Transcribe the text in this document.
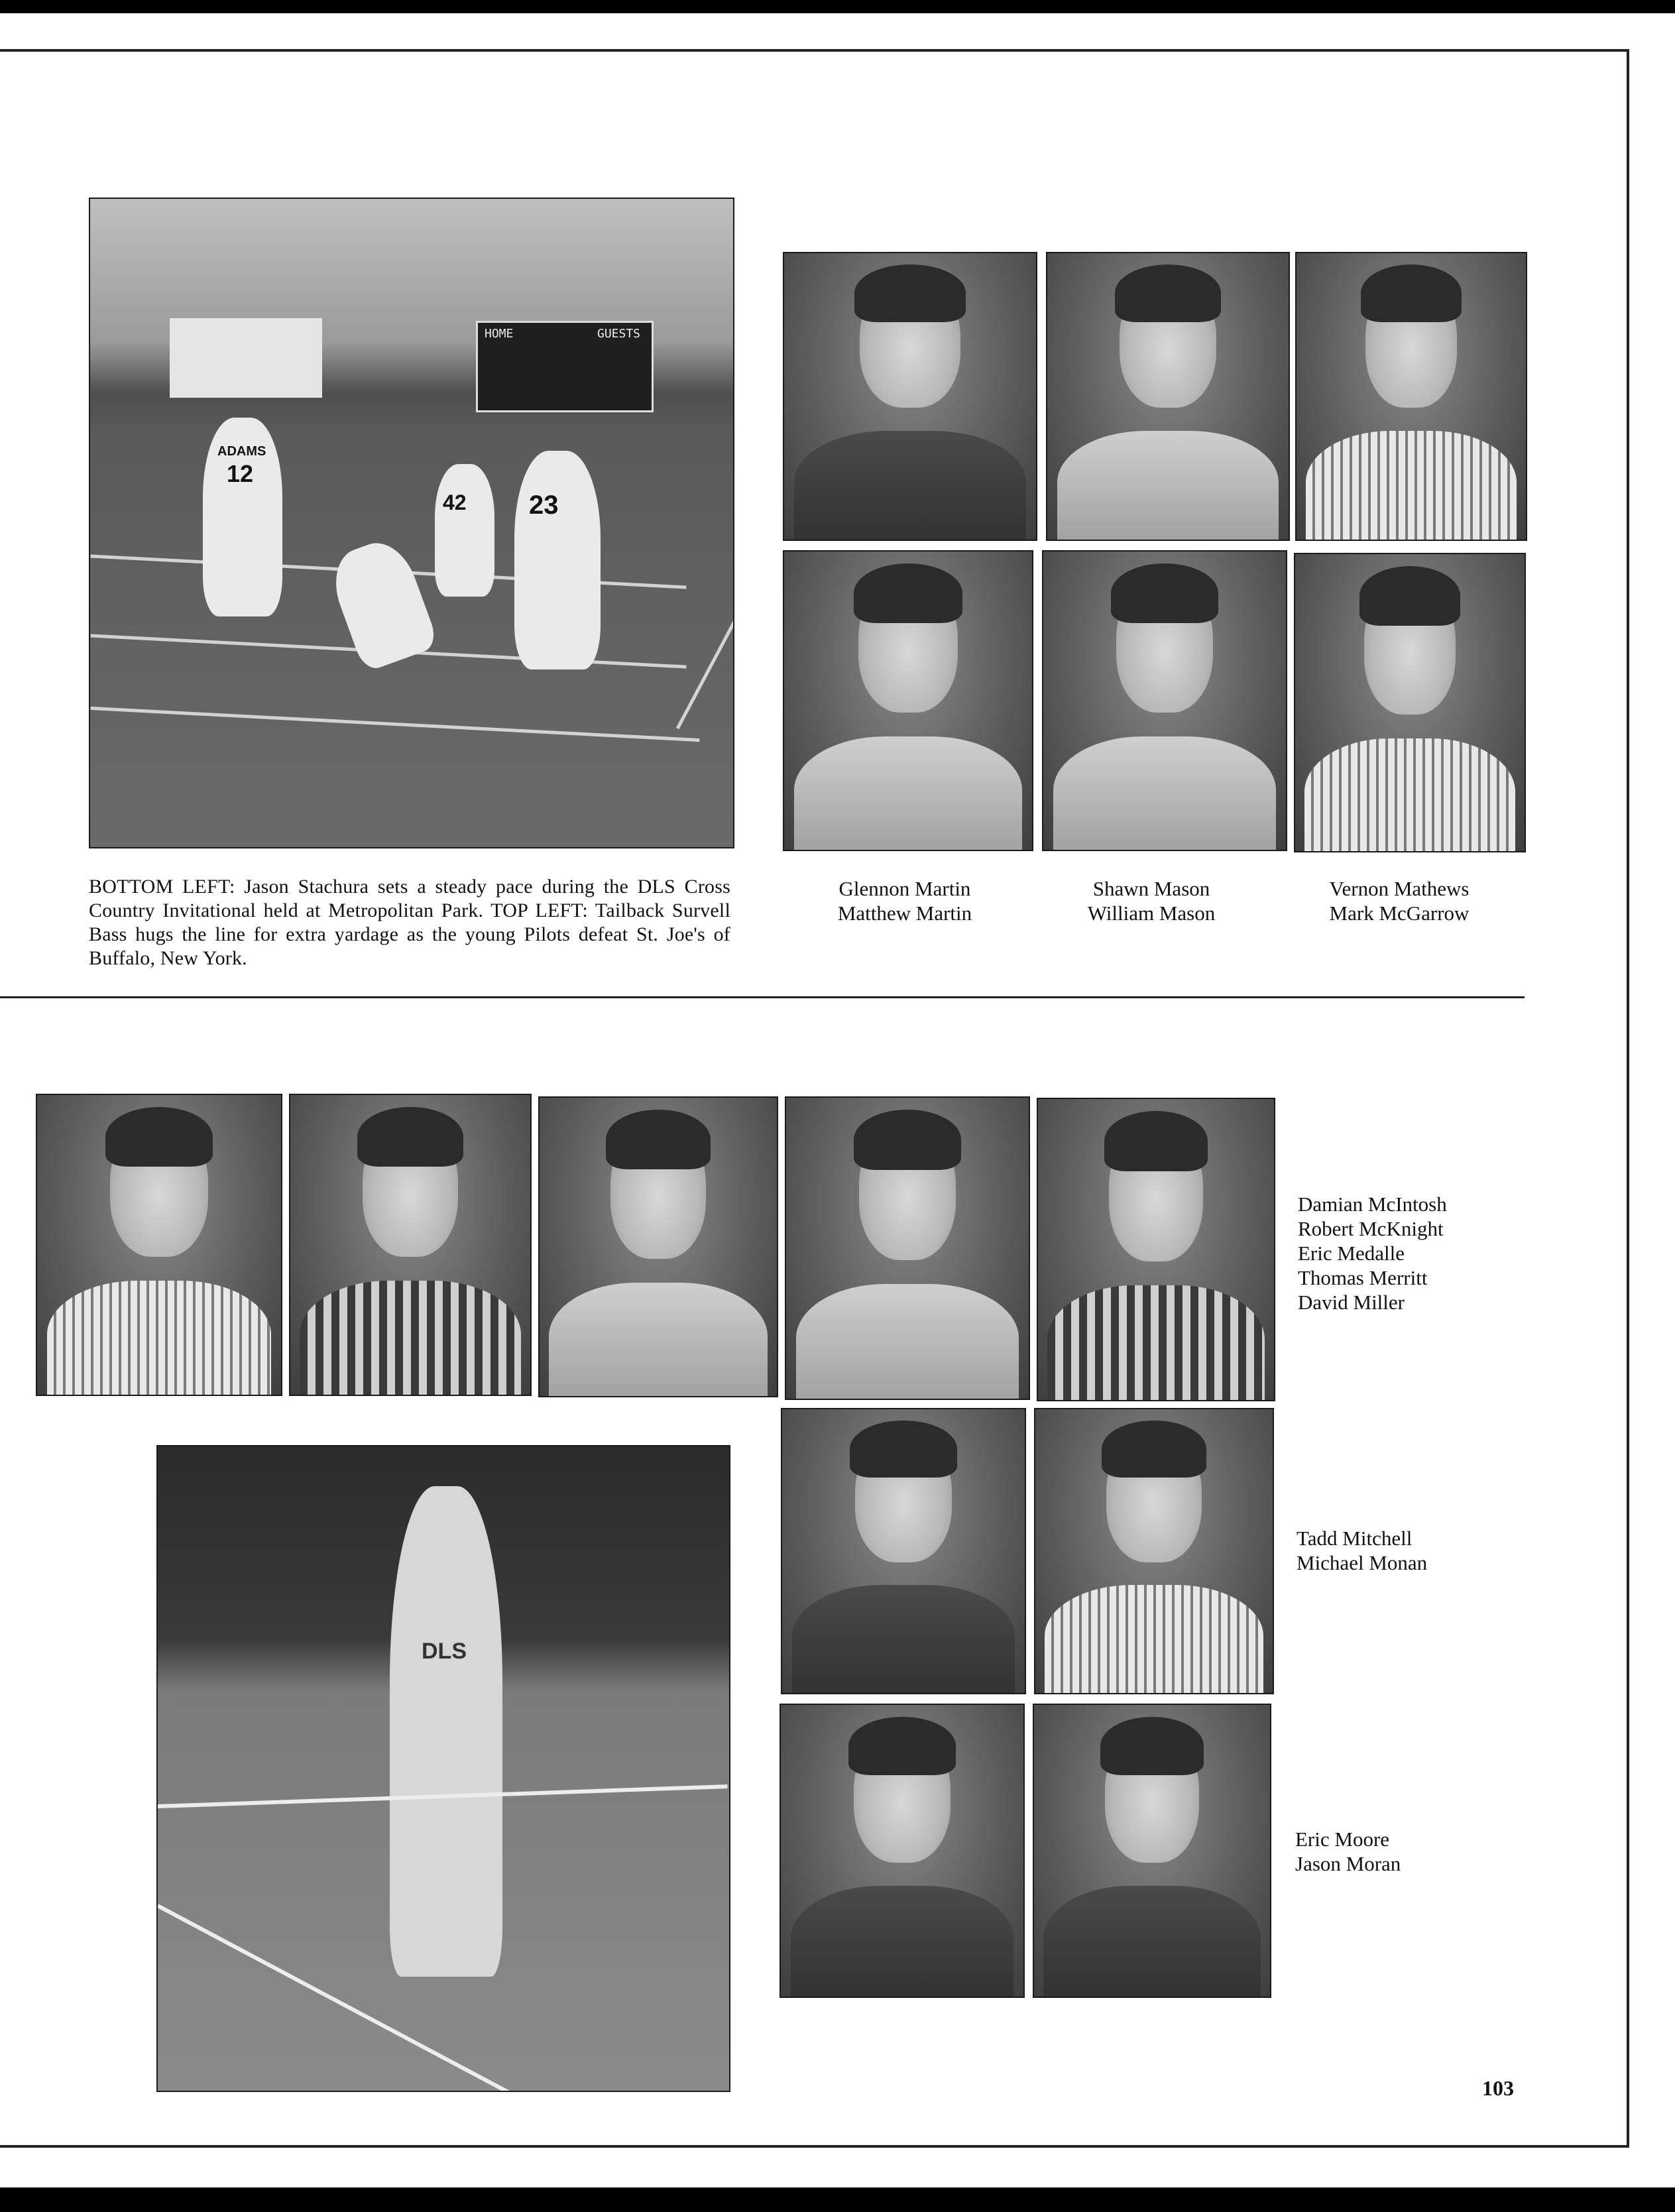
HOME	GUESTS
ADAMS
12
42 23
BOTTOM LEFT: Jason Stachura sets a steady pace during the DLS Cross Country Invitational held at Metropolitan Park. TOP LEFT: Tailback Survell Bass hugs the line for extra yardage as the young Pilots defeat St. Joe's of Buffalo, New York.
Glennon Martin
Matthew Martin
Shawn Mason
William Mason
Vernon Mathews
Mark McGarrow
Damian McIntosh
Robert McKnight
Eric Medalle
Thomas Merritt
David Miller
DLS
Tadd Mitchell
Michael Monan
Eric Moore
Jason Moran
103
